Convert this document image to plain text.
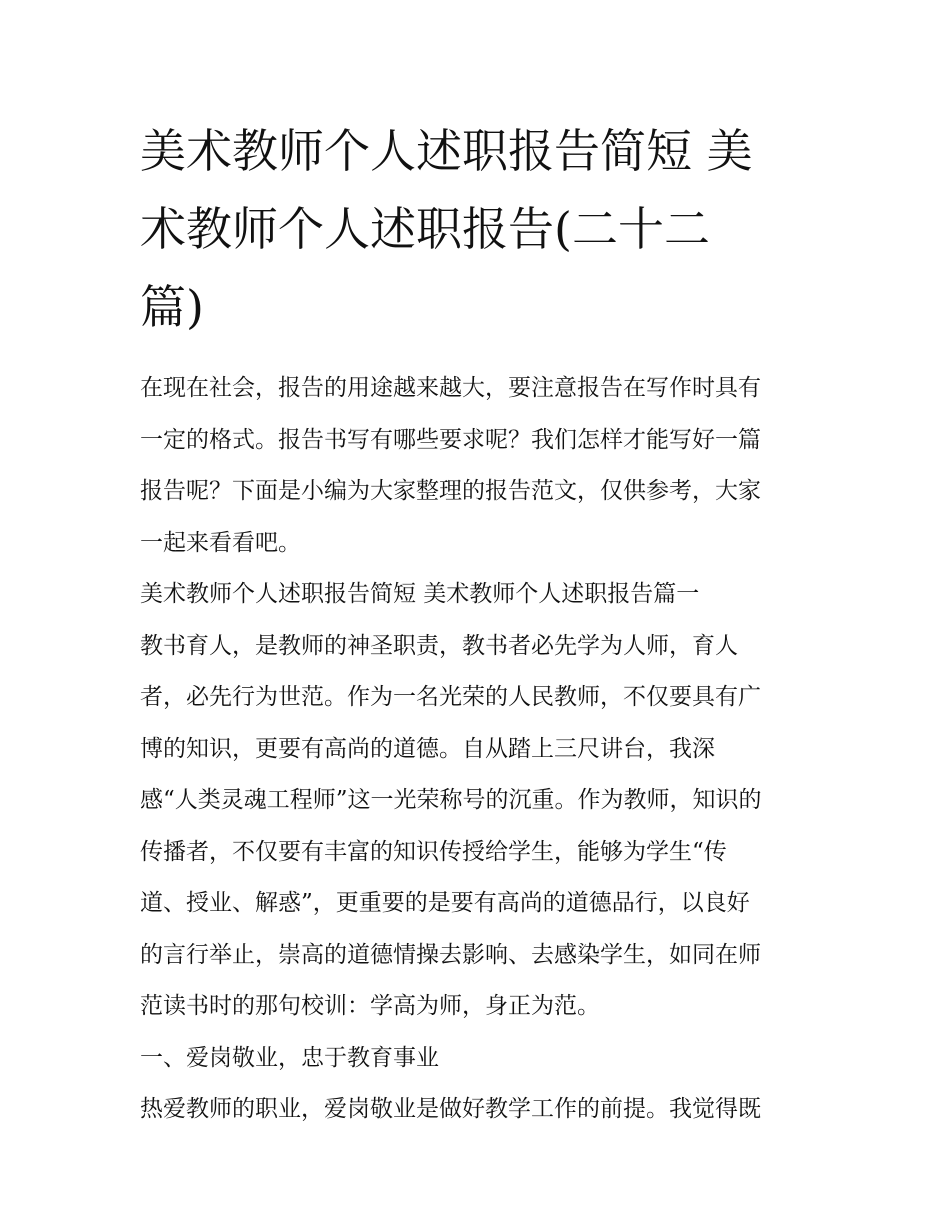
美术教师个人述职报告简短 美
术教师个人述职报告(二十二
篇)

在现在社会，报告的用途越来越大，要注意报告在写作时具有

一定的格式。报告书写有哪些要求呢？我们怎样才能写好一篇

报告呢？下面是小编为大家整理的报告范文，仅供参考，大家

一起来看看吧。

美术教师个人述职报告简短 美术教师个人述职报告篇一

教书育人，是教师的神圣职责，教书者必先学为人师，育人

者，必先行为世范。作为一名光荣的人民教师，不仅要具有广

博的知识，更要有高尚的道德。自从踏上三尺讲台，我深

感“人类灵魂工程师”这一光荣称号的沉重。作为教师，知识的

传播者，不仅要有丰富的知识传授给学生，能够为学生“传

道、授业、解惑”，更重要的是要有高尚的道德品行，以良好

的言行举止，崇高的道德情操去影响、去感染学生，如同在师

范读书时的那句校训：学高为师，身正为范。

一、爱岗敬业，忠于教育事业

热爱教师的职业，爱岗敬业是做好教学工作的前提。我觉得既
